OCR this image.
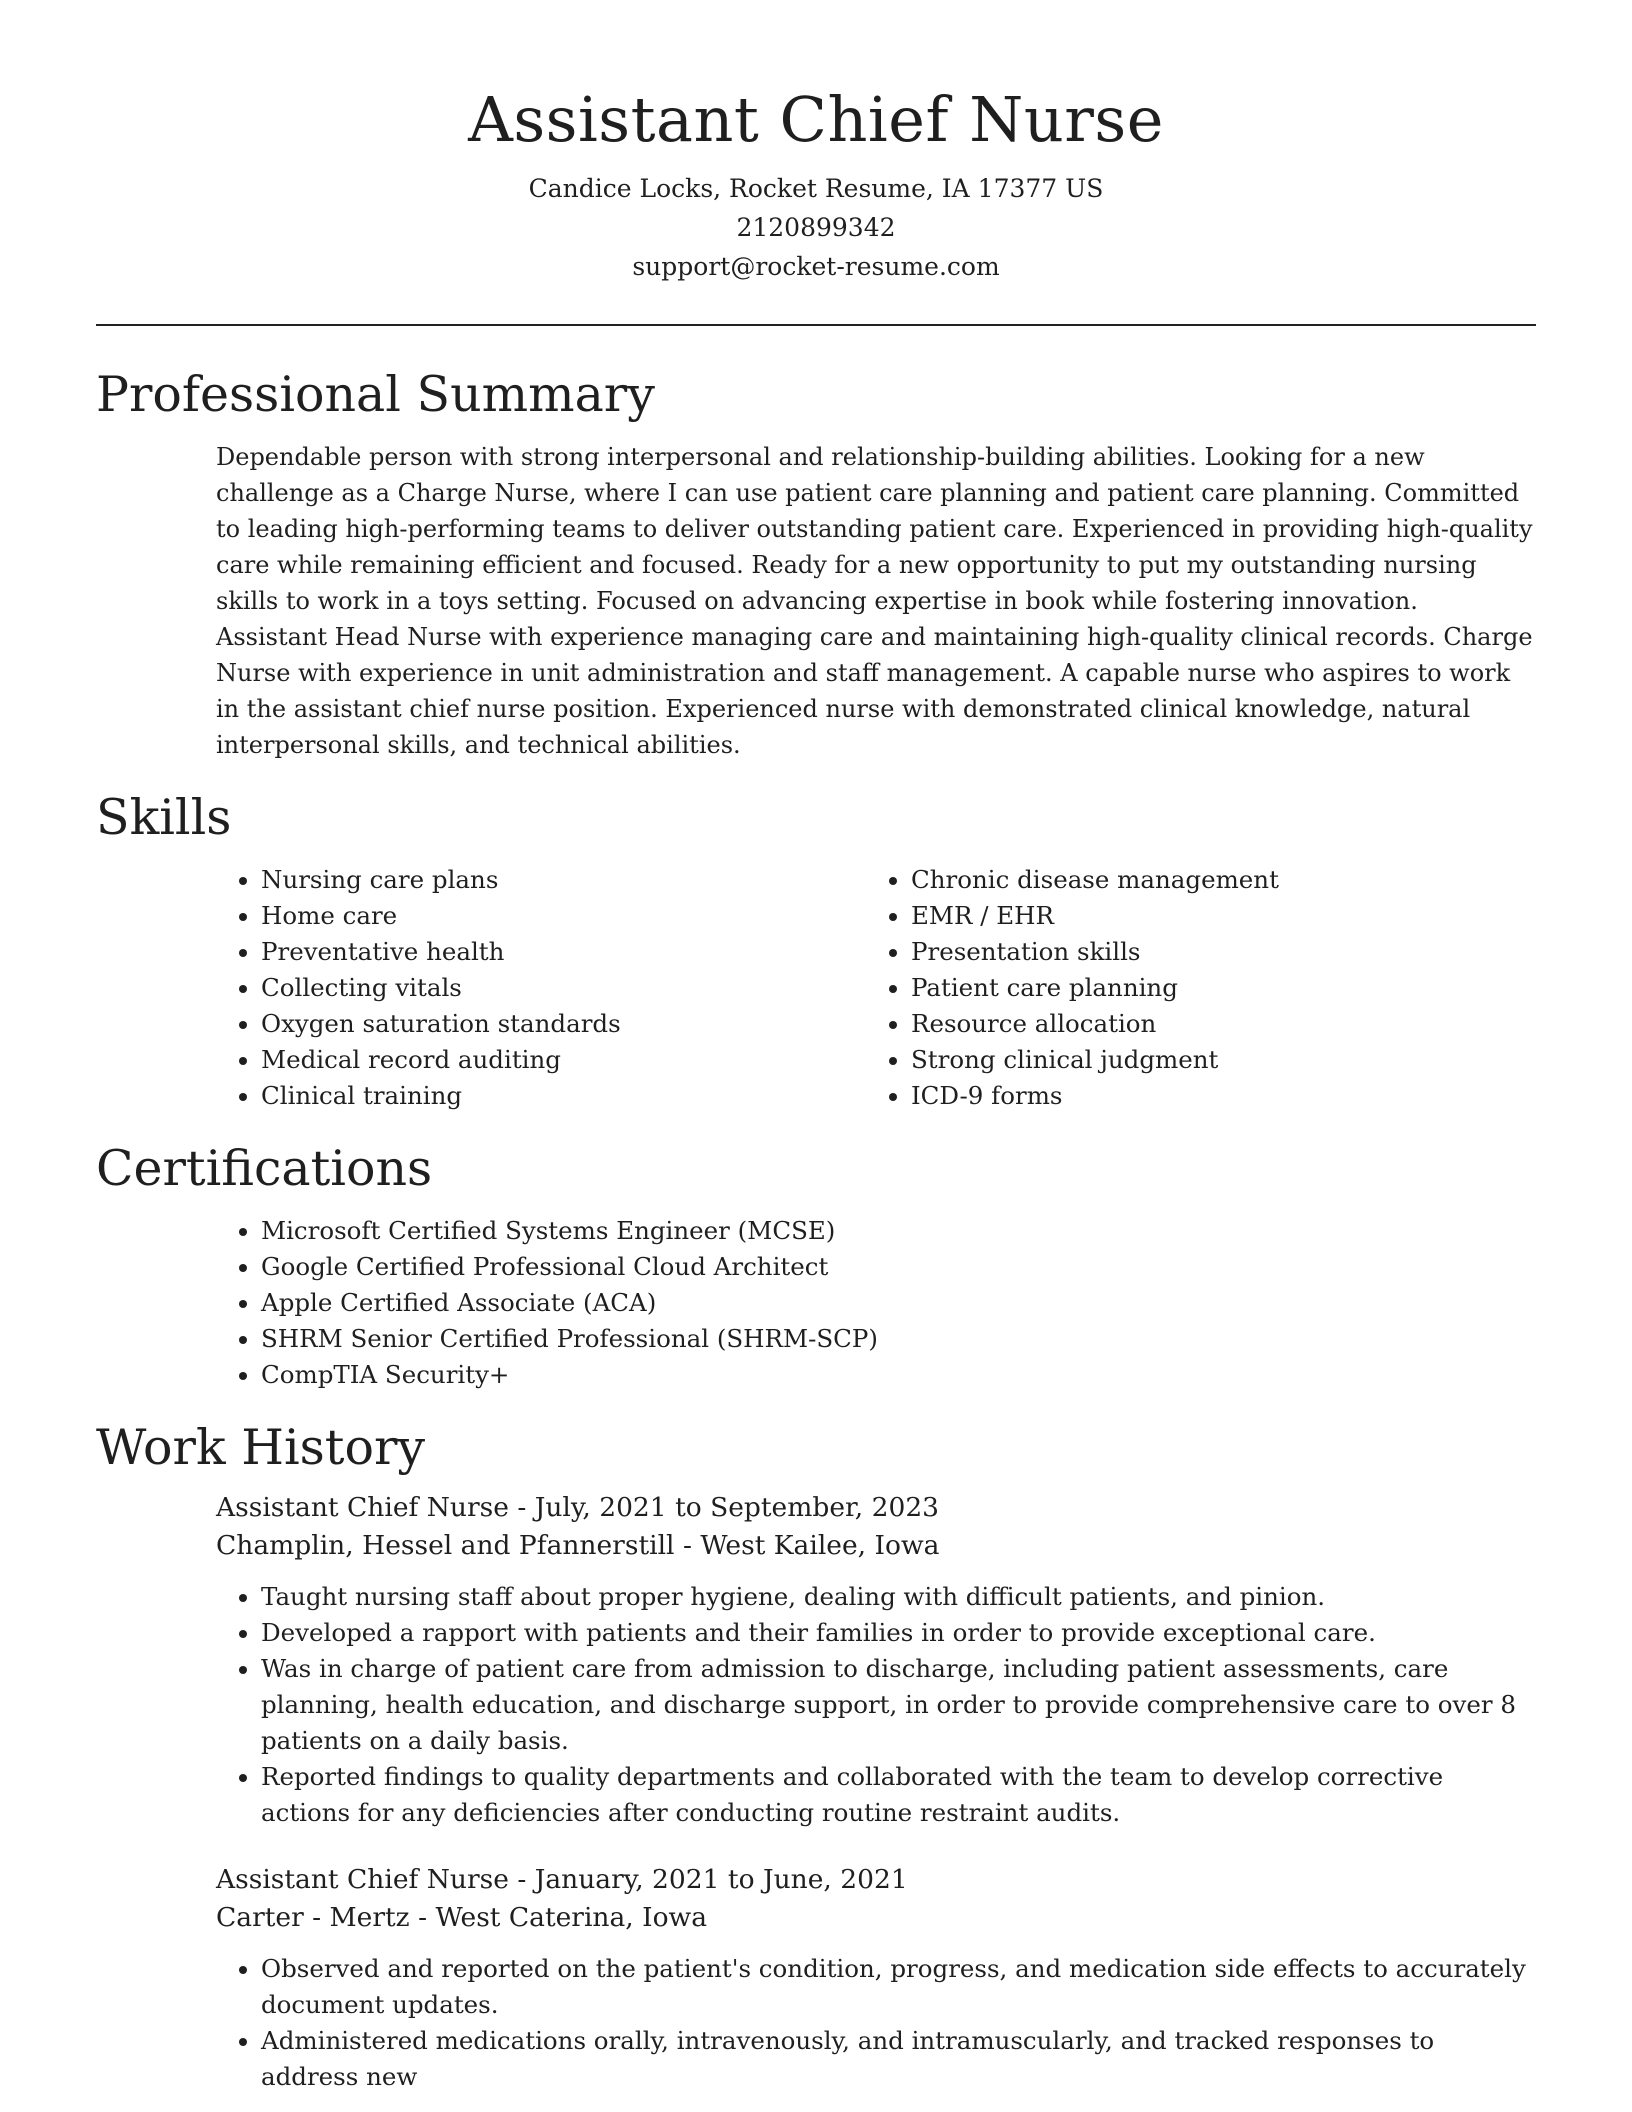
Assistant Chief Nurse
Candice Locks, Rocket Resume, IA 17377 US
2120899342
support@rocket-resume.com
Professional Summary

Dependable person with strong interpersonal and relationship-building abilities. Looking for a new challenge as a Charge Nurse, where I can use patient care planning and patient care planning. Committed to leading high-performing teams to deliver outstanding patient care. Experienced in providing high-quality care while remaining efficient and focused. Ready for a new opportunity to put my outstanding nursing skills to work in a toys setting. Focused on advancing expertise in book while fostering innovation. Assistant Head Nurse with experience managing care and maintaining high-quality clinical records. Charge Nurse with experience in unit administration and staff management. A capable nurse who aspires to work in the assistant chief nurse position. Experienced nurse with demonstrated clinical knowledge, natural interpersonal skills, and technical abilities.

Skills
• Nursing care plans
• Home care
• Preventative health
• Collecting vitals
• Oxygen saturation standards
• Medical record auditing
• Clinical training
• Chronic disease management
• EMR / EHR
• Presentation skills
• Patient care planning
• Resource allocation
• Strong clinical judgment
• ICD-9 forms
Certifications
• Microsoft Certified Systems Engineer (MCSE)
• Google Certified Professional Cloud Architect
• Apple Certified Associate (ACA)
• SHRM Senior Certified Professional (SHRM-SCP)
• CompTIA Security+
Work History
Assistant Chief Nurse - July, 2021 to September, 2023
Champlin, Hessel and Pfannerstill - West Kailee, Iowa
• Taught nursing staff about proper hygiene, dealing with difficult patients, and pinion.
• Developed a rapport with patients and their families in order to provide exceptional care.
• Was in charge of patient care from admission to discharge, including patient assessments, care planning, health education, and discharge support, in order to provide comprehensive care to over 8 patients on a daily basis.
• Reported findings to quality departments and collaborated with the team to develop corrective actions for any deficiencies after conducting routine restraint audits.
Assistant Chief Nurse - January, 2021 to June, 2021
Carter - Mertz - West Caterina, Iowa
• Observed and reported on the patient's condition, progress, and medication side effects to accurately document updates.
• Administered medications orally, intravenously, and intramuscularly, and tracked responses to address new
